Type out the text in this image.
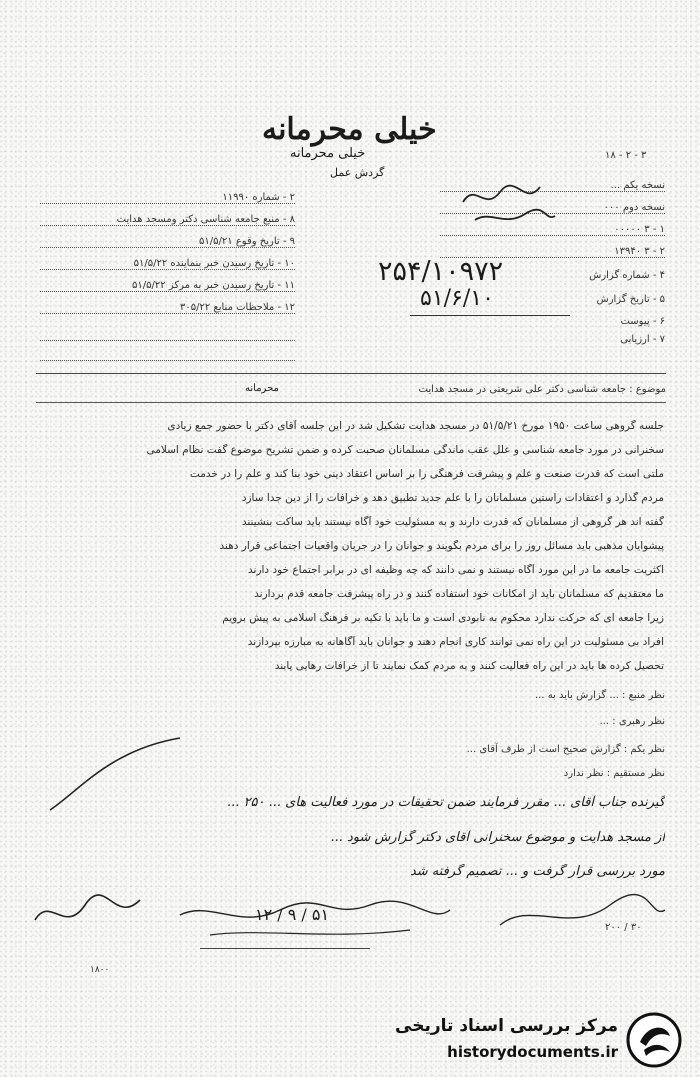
خیلی محرمانه
خیلی محرمانه
گردش عمل
۱۸ - ۲ - ۳
۲ - شماره ۱۱۹۹۰
۸ - منبع جامعه شناسی دکتر ومسجد هدایت
۹ - تاریخ وقوع ۵۱/۵/۲۱
۱۰ - تاریخ رسیدن خبر بنماینده ۵۱/۵/۲۲
۱۱ - تاریخ رسیدن خبر به مرکز ۵۱/۵/۲۲
۱۲ - ملاحظات منابع ۳۰۵/۲۲
نسخه یکم ...
نسخه دوم ۰۰۰
۱ - ۳ ۰۰۰۰۰
۲ - ۳ ۱۳۹۴۰
۴ - شماره گزارش
۵ - تاریخ گزارش
۶ - پیوست
۷ - ارزیابی
۲۵۴/۱۰۹۷۲
۵۱/۶/۱۰
موضوع : جامعه شناسی دکتر علی شریعتی در مسجد هدایت
محرمانه
جلسه گروهی ساعت ۱۹۵۰ مورخ ۵۱/۵/۲۱ در مسجد هدایت تشکیل شد در این جلسه آقای دکتر با حضور جمع زیادی
سخنرانی در مورد جامعه شناسی و علل عقب ماندگی مسلمانان صحبت کرده و ضمن تشریح موضوع گفت نظام اسلامی
ملتی است که قدرت صنعت و علم و پیشرفت فرهنگی را بر اساس اعتقاد دینی خود بنا کند و علم را در خدمت
مردم گذارد و اعتقادات راستین مسلمانان را با علم جدید تطبیق دهد و خرافات را از دین جدا سازد
گفته اند هر گروهی از مسلمانان که قدرت دارند و به مسئولیت خود آگاه نیستند باید ساکت بنشینند
پیشوایان مذهبی باید مسائل روز را برای مردم بگویند و جوانان را در جریان واقعیات اجتماعی قرار دهند
اکثریت جامعه ما در این مورد آگاه نیستند و نمی دانند که چه وظیفه ای در برابر اجتماع خود دارند
ما معتقدیم که مسلمانان باید از امکانات خود استفاده کنند و در راه پیشرفت جامعه قدم بردارند
زیرا جامعه ای که حرکت ندارد محکوم به نابودی است و ما باید با تکیه بر فرهنگ اسلامی به پیش برویم
افراد بی مسئولیت در این راه نمی توانند کاری انجام دهند و جوانان باید آگاهانه به مبارزه بپردازند
تحصیل کرده ها باید در این راه فعالیت کنند و به مردم کمک نمایند تا از خرافات رهایی یابند
نظر منبع : ... گزارش باید به ...
نظر رهبری : ...
نظر یکم : گزارش صحیح است از طرف آقای ...
نظر مستقیم : نظر ندارد
گیرنده جناب آقای ... مقرر فرمایند ضمن تحقیقات در مورد فعالیت های ... ۲۵۰ ...
از مسجد هدایت و موضوع سخنرانی آقای دکتر گزارش شود ...
مورد بررسی قرار گرفت و ... تصمیم گرفته شد
۱۲ / ۹ / ۵۱
۲۰۰ / ۳۰
۱۸۰۰
مرکز بررسی اسناد تاریخی
historydocuments.ir
